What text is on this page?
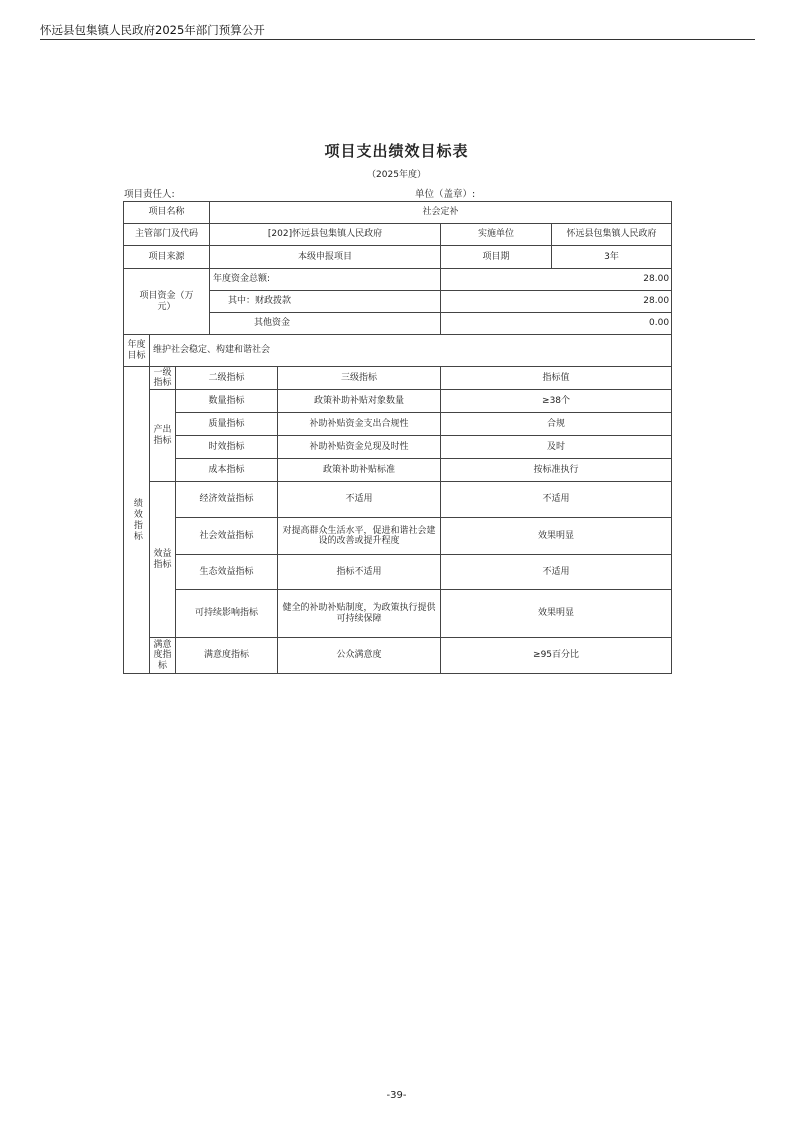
怀远县包集镇人民政府2025年部门预算公开
项目支出绩效目标表
（2025年度）
项目责任人:	单位（盖章）:
项目名称			社会定补			
主管部门及代码			[202]怀远县包集镇人民政府		实施单位	怀远县包集镇人民政府
项目来源			本级申报项目		项目期	3年
项目资金（万元）			年度资金总额:		28.00	
			其中：财政拨款		28.00	
			其他资金		0.00	
年度目标	维护社会稳定、构建和谐社会					
绩效指标	一级指标	二级指标		三级指标	指标值	
	产出指标	数量指标		政策补助补贴对象数量	≥38个	
		质量指标		补助补贴资金支出合规性	合规	
		时效指标		补助补贴资金兑现及时性	及时	
		成本指标		政策补助补贴标准	按标准执行	
	效益指标	经济效益指标		不适用	不适用	
		社会效益指标		对提高群众生活水平，促进和谐社会建设的改善或提升程度	效果明显	
		生态效益指标		指标不适用	不适用	
		可持续影响指标		健全的补助补贴制度，为政策执行提供可持续保障	效果明显	
	满意度指标	满意度指标		公众满意度	≥95百分比	
-39-
